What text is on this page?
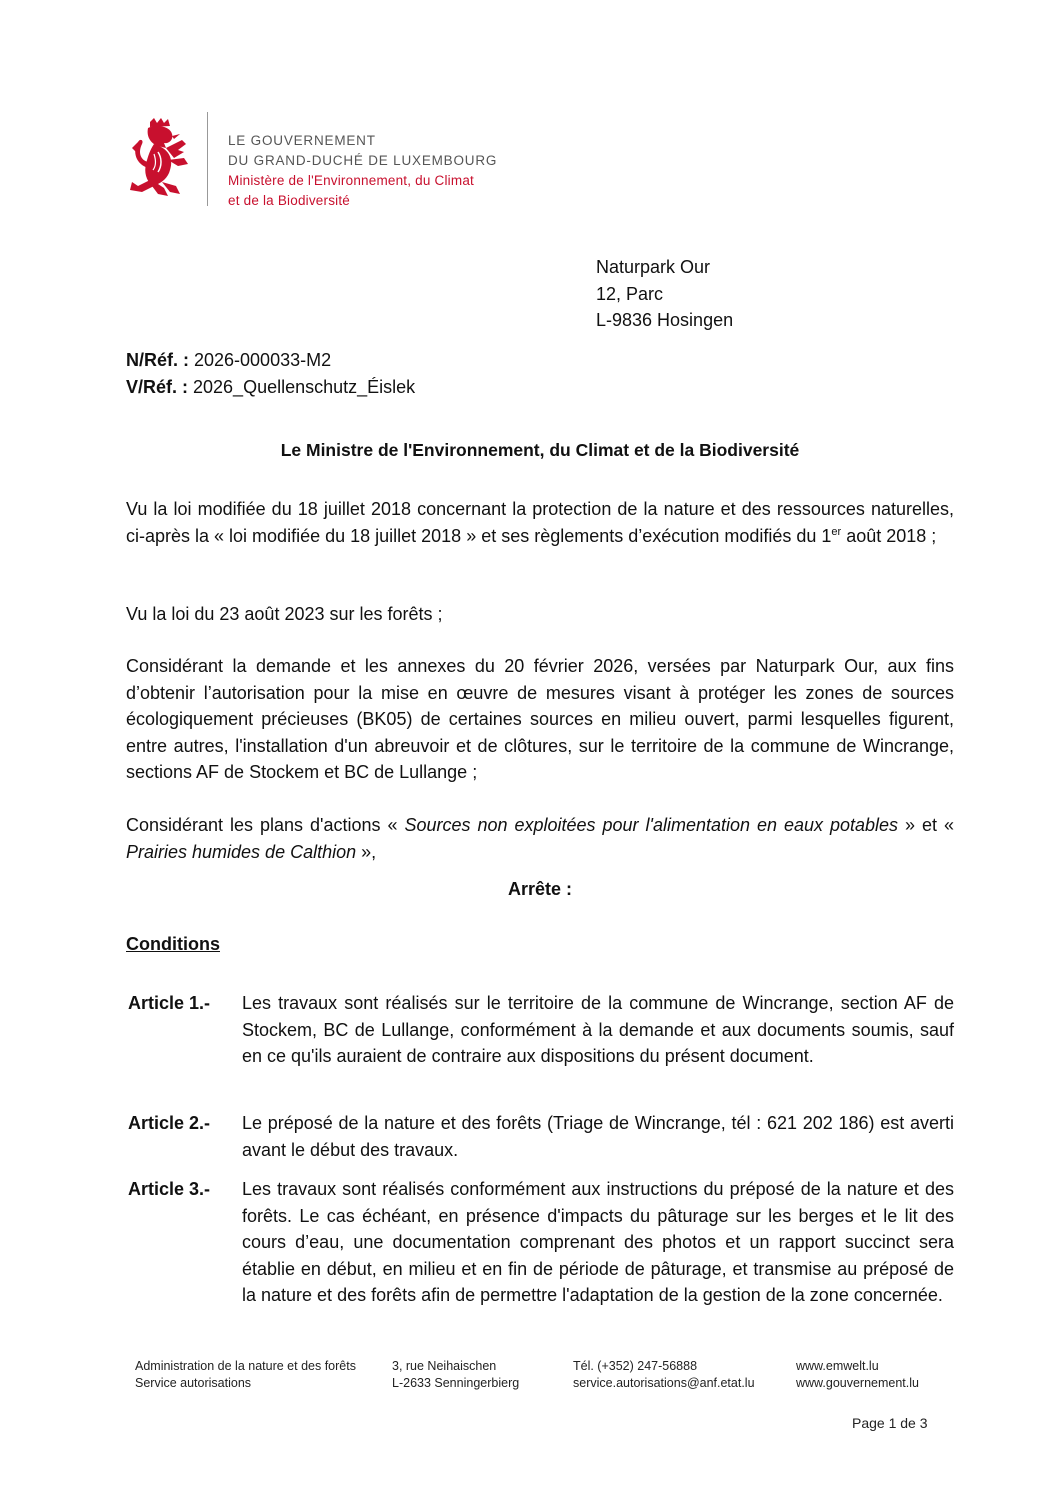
LE GOUVERNEMENT
DU GRAND-DUCHÉ DE LUXEMBOURG
Ministère de l'Environnement, du Climat
et de la Biodiversité
Naturpark Our
12, Parc
L-9836 Hosingen
N/Réf. : 2026-000033-M2
V/Réf. : 2026_Quellenschutz_Éislek
Le Ministre de l'Environnement, du Climat et de la Biodiversité
Vu la loi modifiée du 18 juillet 2018 concernant la protection de la nature et des ressources naturelles, ci-après la « loi modifiée du 18 juillet 2018 » et ses règlements d’exécution modifiés du 1er août 2018 ;
Vu la loi du 23 août 2023 sur les forêts ;
Considérant la demande et les annexes du 20 février 2026, versées par Naturpark Our, aux fins d’obtenir l’autorisation pour la mise en œuvre de mesures visant à protéger les zones de sources écologiquement précieuses (BK05) de certaines sources en milieu ouvert, parmi lesquelles figurent, entre autres, l'installation d'un abreuvoir et de clôtures, sur le territoire de la commune de Wincrange, sections AF de Stockem et BC de Lullange ;
Considérant les plans d'actions « Sources non exploitées pour l'alimentation en eaux potables » et « Prairies humides de Calthion »,
Arrête :
Conditions
Article 1.-	Les travaux sont réalisés sur le territoire de la commune de Wincrange, section AF de Stockem, BC de Lullange, conformément à la demande et aux documents soumis, sauf en ce qu'ils auraient de contraire aux dispositions du présent document.
Article 2.-	Le préposé de la nature et des forêts (Triage de Wincrange, tél : 621 202 186) est averti avant le début des travaux.
Article 3.-	Les travaux sont réalisés conformément aux instructions du préposé de la nature et des forêts. Le cas échéant, en présence d'impacts du pâturage sur les berges et le lit des cours d’eau, une documentation comprenant des photos et un rapport succinct sera établie en début, en milieu et en fin de période de pâturage, et transmise au préposé de la nature et des forêts afin de permettre l'adaptation de la gestion de la zone concernée.
Administration de la nature et des forêts
Service autorisations
3, rue Neihaischen
L-2633 Senningerbierg
Tél. (+352) 247-56888
service.autorisations@anf.etat.lu
www.emwelt.lu
www.gouvernement.lu
Page 1 de 3
